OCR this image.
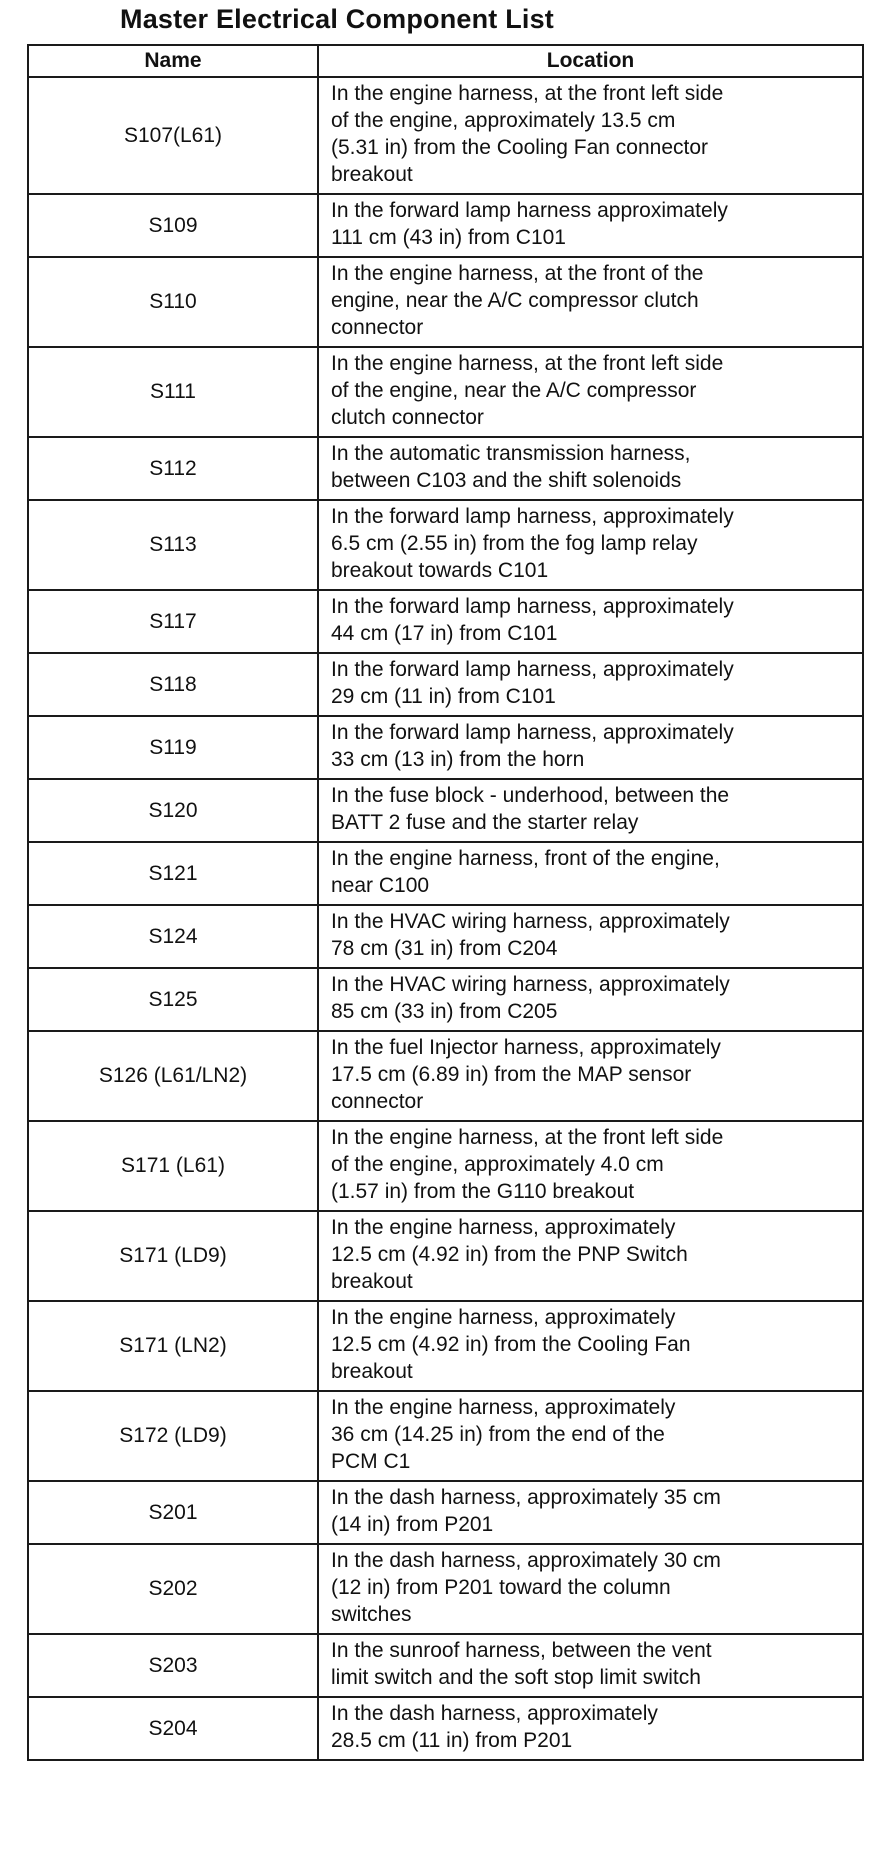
Master Electrical Component List
Name	Location
S107(L61)	In the engine harness, at the front left side
of the engine, approximately 13.5 cm
(5.31 in) from the Cooling Fan connector
breakout

S109	In the forward lamp harness approximately
111 cm (43 in) from C101

S110	In the engine harness, at the front of the
engine, near the A/C compressor clutch
connector

S111	In the engine harness, at the front left side
of the engine, near the A/C compressor
clutch connector

S112	In the automatic transmission harness,
between C103 and the shift solenoids

S113	In the forward lamp harness, approximately
6.5 cm (2.55 in) from the fog lamp relay
breakout towards C101

S117	In the forward lamp harness, approximately
44 cm (17 in) from C101

S118	In the forward lamp harness, approximately
29 cm (11 in) from C101

S119	In the forward lamp harness, approximately
33 cm (13 in) from the horn

S120	In the fuse block - underhood, between the
BATT 2 fuse and the starter relay

S121	In the engine harness, front of the engine,
near C100

S124	In the HVAC wiring harness, approximately
78 cm (31 in) from C204

S125	In the HVAC wiring harness, approximately
85 cm (33 in) from C205

S126 (L61/LN2)	In the fuel Injector harness, approximately
17.5 cm (6.89 in) from the MAP sensor
connector

S171 (L61)	In the engine harness, at the front left side
of the engine, approximately 4.0 cm
(1.57 in) from the G110 breakout

S171 (LD9)	In the engine harness, approximately
12.5 cm (4.92 in) from the PNP Switch
breakout

S171 (LN2)	In the engine harness, approximately
12.5 cm (4.92 in) from the Cooling Fan
breakout

S172 (LD9)	In the engine harness, approximately
36 cm (14.25 in) from the end of the
PCM C1

S201	In the dash harness, approximately 35 cm
(14 in) from P201

S202	In the dash harness, approximately 30 cm
(12 in) from P201 toward the column
switches

S203	In the sunroof harness, between the vent
limit switch and the soft stop limit switch

S204	In the dash harness, approximately
28.5 cm (11 in) from P201
